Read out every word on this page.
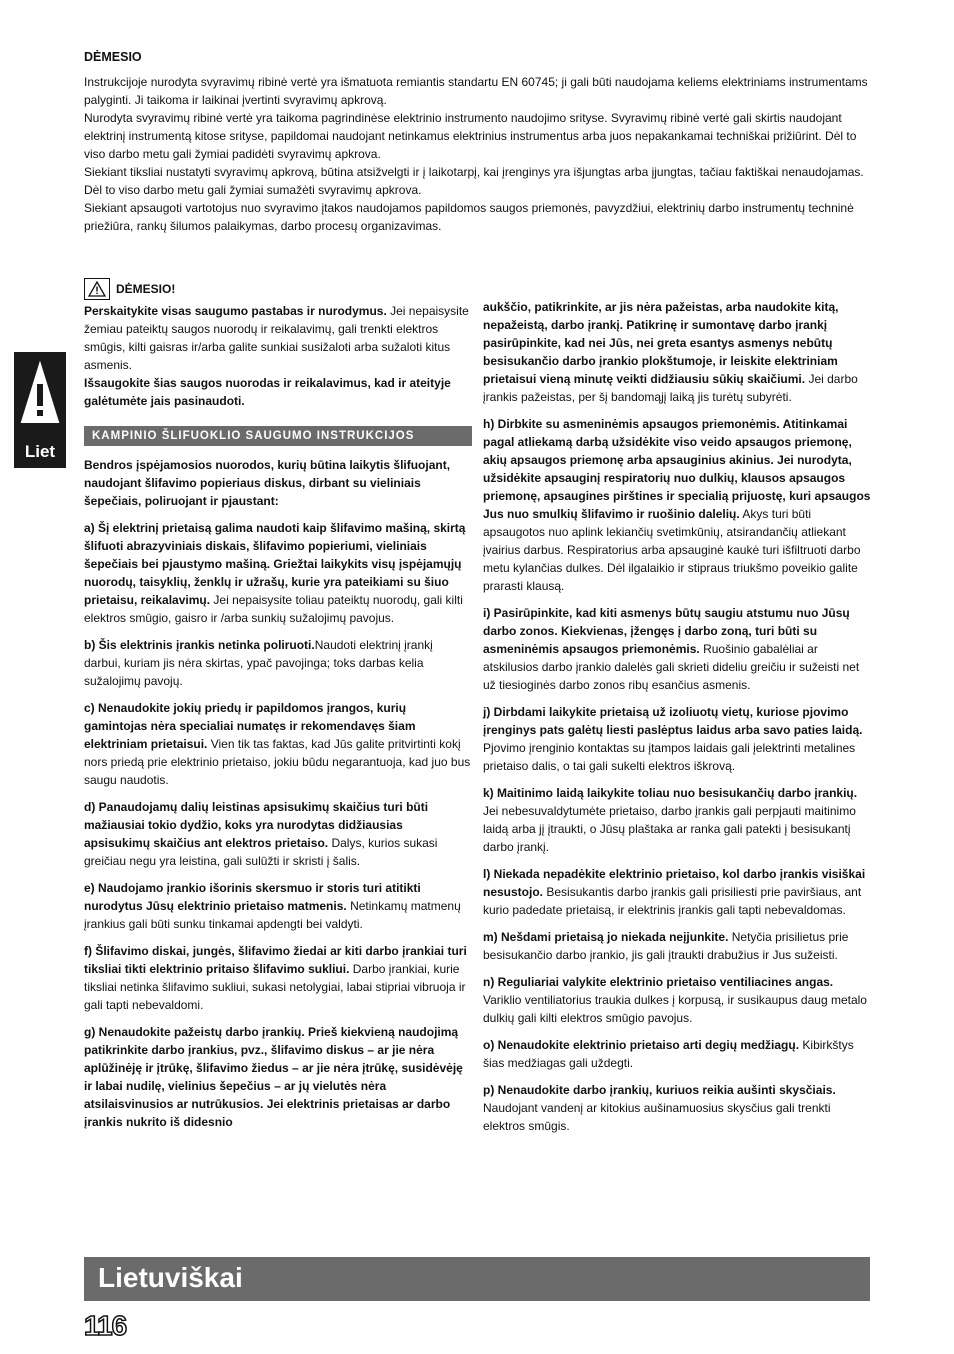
DĖMESIO

Instrukcijoje nurodyta svyravimų ribinė vertė yra išmatuota remiantis standartu EN 60745; ji gali būti naudojama keliems elektriniams instrumentams palyginti. Ji taikoma ir laikinai įvertinti svyravimų apkrovą.

Nurodyta svyravimų ribinė vertė yra taikoma pagrindinėse elektrinio instrumento naudojimo srityse. Svyravimų ribinė vertė gali skirtis naudojant elektrinį instrumentą kitose srityse, papildomai naudojant netinkamus elektrinius instrumentus arba juos nepakankamai techniškai prižiūrint. Dėl to viso darbo metu gali žymiai padidėti svyravimų apkrova.

Siekiant tiksliai nustatyti svyravimų apkrovą, būtina atsižvelgti ir į laikotarpį, kai įrenginys yra išjungtas arba įjungtas, tačiau faktiškai nenaudojamas. Dėl to viso darbo metu gali žymiai sumažėti svyravimų apkrova.

Siekiant apsaugoti vartotojus nuo svyravimo įtakos naudojamos papildomos saugos priemonės, pavyzdžiui, elektrinių darbo instrumentų techninė priežiūra, rankų šilumos palaikymas, darbo procesų organizavimas.

Liet
DĖMESIO!

Perskaitykite visas saugumo pastabas ir nurodymus. Jei nepaisysite žemiau pateiktų saugos nuorodų ir reikalavimų, gali trenkti elektros smūgis, kilti gaisras ir/arba galite sunkiai susižaloti arba sužaloti kitus asmenis.

Išsaugokite šias saugos nuorodas ir reikalavimus, kad ir ateityje galėtumėte jais pasinaudoti.

KAMPINIO ŠLIFUOKLIO SAUGUMO INSTRUKCIJOS

Bendros įspėjamosios nuorodos, kurių būtina laikytis šlifuojant, naudojant šlifavimo popieriaus diskus, dirbant su vieliniais šepečiais, poliruojant ir pjaustant:

a) Šį elektrinį prietaisą galima naudoti kaip šlifavimo mašiną, skirtą šlifuoti abrazyviniais diskais, šlifavimo popieriumi, vieliniais šepečiais bei pjaustymo mašiną. Griežtai laikykits visų įspėjamųjų nuorodų, taisyklių, ženklų ir užrašų, kurie yra pateikiami su šiuo prietaisu, reikalavimų. Jei nepaisysite toliau pateiktų nuorodų, gali kilti elektros smūgio, gaisro ir /arba sunkių sužalojimų pavojus.

b) Šis elektrinis įrankis netinka poliruoti.Naudoti elektrinį įrankį darbui, kuriam jis nėra skirtas, ypač pavojinga; toks darbas kelia sužalojimų pavojų.

c) Nenaudokite jokių priedų ir papildomos įrangos, kurių gamintojas nėra specialiai numatęs ir rekomendavęs šiam elektriniam prietaisui. Vien tik tas faktas, kad Jūs galite pritvirtinti kokį nors priedą prie elektrinio prietaiso, jokiu būdu negarantuoja, kad juo bus saugu naudotis.

d) Panaudojamų dalių leistinas apsisukimų skaičius turi būti mažiausiai tokio dydžio, koks yra nurodytas didžiausias apsisukimų skaičius ant elektros prietaiso. Dalys, kurios sukasi greičiau negu yra leistina, gali sulūžti ir skristi į šalis.

e) Naudojamo įrankio išorinis skersmuo ir storis turi atitikti nurodytus Jūsų elektrinio prietaiso matmenis. Netinkamų matmenų įrankius gali būti sunku tinkamai apdengti bei valdyti.

f) Šlifavimo diskai, jungės, šlifavimo žiedai ar kiti darbo įrankiai turi tiksliai tikti elektrinio pritaiso šlifavimo sukliui. Darbo įrankiai, kurie tiksliai netinka šlifavimo sukliui, sukasi netolygiai, labai stipriai vibruoja ir gali tapti nebevaldomi.

g) Nenaudokite pažeistų darbo įrankių. Prieš kiekvieną naudojimą patikrinkite darbo įrankius, pvz., šlifavimo diskus – ar jie nėra aplūžinėję ir įtrūkę, šlifavimo žiedus – ar jie nėra įtrūkę, susidėvėję ir labai nudilę, vielinius šepečius – ar jų vielutės nėra atsilaisvinusios ar nutrūkusios. Jei elektrinis prietaisas ar darbo įrankis nukrito iš didesnio

aukščio, patikrinkite, ar jis nėra pažeistas, arba naudokite kitą, nepažeistą, darbo įrankį. Patikrinę ir sumontavę darbo įrankį pasirūpinkite, kad nei Jūs, nei greta esantys asmenys nebūtų besisukančio darbo įrankio plokštumoje, ir leiskite elektriniam prietaisui vieną minutę veikti didžiausiu sūkių skaičiumi. Jei darbo įrankis pažeistas, per šį bandomąjį laiką jis turėtų subyrėti.

h) Dirbkite su asmeninėmis apsaugos priemonėmis. Atitinkamai pagal atliekamą darbą užsidėkite viso veido apsaugos priemonę, akių apsaugos priemonę arba apsauginius akinius. Jei nurodyta, užsidėkite apsauginį respiratorių nuo dulkių, klausos apsaugos priemonę, apsaugines pirštines ir specialią prijuostę, kuri apsaugos Jus nuo smulkių šlifavimo ir ruošinio dalelių. Akys turi būti apsaugotos nuo aplink lekiančių svetimkūnių, atsirandančių atliekant įvairius darbus. Respiratorius arba apsauginė kaukė turi išfiltruoti darbo metu kylančias dulkes. Dėl ilgalaikio ir stipraus triukšmo poveikio galite prarasti klausą.

i) Pasirūpinkite, kad kiti asmenys būtų saugiu atstumu nuo Jūsų darbo zonos. Kiekvienas, įžengęs į darbo zoną, turi būti su asmeninėmis apsaugos priemonėmis. Ruošinio gabalėliai ar atskilusios darbo įrankio dalelės gali skrieti dideliu greičiu ir sužeisti net už tiesioginės darbo zonos ribų esančius asmenis.

j) Dirbdami laikykite prietaisą už izoliuotų vietų, kuriose pjovimo įrenginys pats galėtų liesti paslėptus laidus arba savo paties laidą. Pjovimo įrenginio kontaktas su įtampos laidais gali įelektrinti metalines prietaiso dalis, o tai gali sukelti elektros iškrovą.

k) Maitinimo laidą laikykite toliau nuo besisukančių darbo įrankių. Jei nebesuvaldytumėte prietaiso, darbo įrankis gali perpjauti maitinimo laidą arba jį įtraukti, o Jūsų plaštaka ar ranka gali patekti į besisukantį darbo įrankį.

l) Niekada nepadėkite elektrinio prietaiso, kol darbo įrankis visiškai nesustojo. Besisukantis darbo įrankis gali prisiliesti prie paviršiaus, ant kurio padedate prietaisą, ir elektrinis įrankis gali tapti nebevaldomas.

m) Nešdami prietaisą jo niekada neįjunkite. Netyčia prisilietus prie besisukančio darbo įrankio, jis gali įtraukti drabužius ir Jus sužeisti.

n) Reguliariai valykite elektrinio prietaiso ventiliacines angas. Variklio ventiliatorius traukia dulkes į korpusą, ir susikaupus daug metalo dulkių gali kilti elektros smūgio pavojus.

o) Nenaudokite elektrinio prietaiso arti degių medžiagų. Kibirkštys šias medžiagas gali uždegti.

p) Nenaudokite darbo įrankių, kuriuos reikia aušinti skysčiais. Naudojant vandenį ar kitokius aušinamuosius skysčius gali trenkti elektros smūgis.

Lietuviškai
116
